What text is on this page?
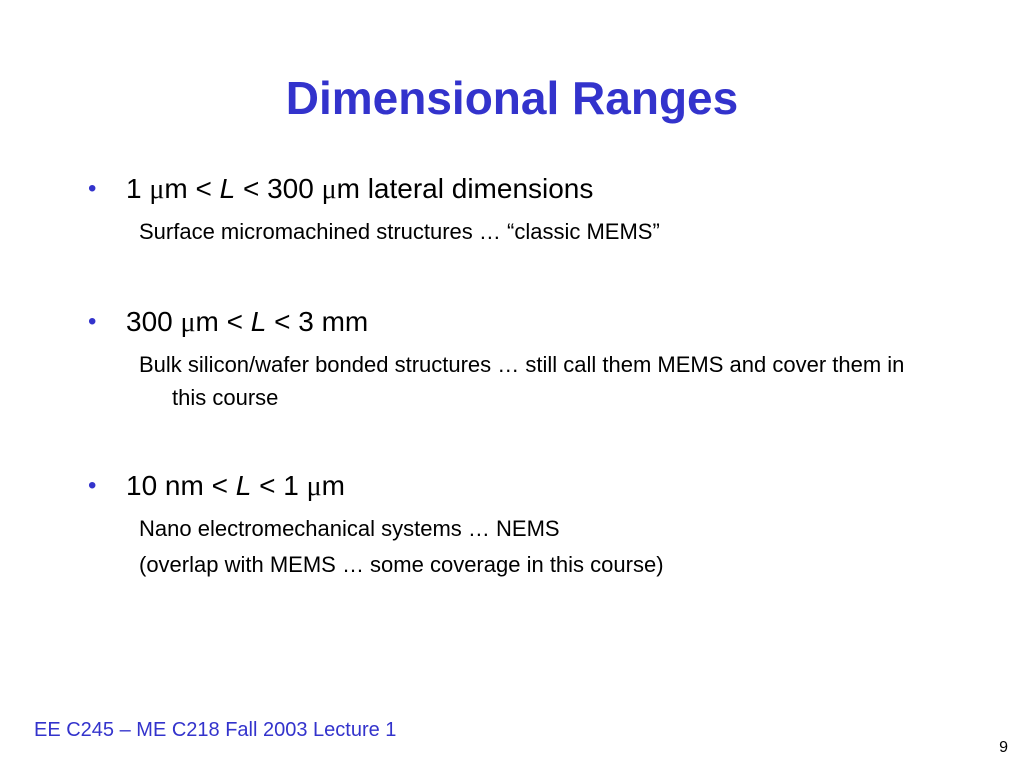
Dimensional Ranges
• 1 μm < L < 300 μm lateral dimensions
Surface micromachined structures … “classic MEMS”
• 300 μm < L < 3 mm
Bulk silicon/wafer bonded structures … still call them MEMS and cover them in this course
• 10 nm < L < 1 μm
Nano electromechanical systems … NEMS
(overlap with MEMS … some coverage in this course)
EE C245 – ME C218 Fall 2003 Lecture 1
9
